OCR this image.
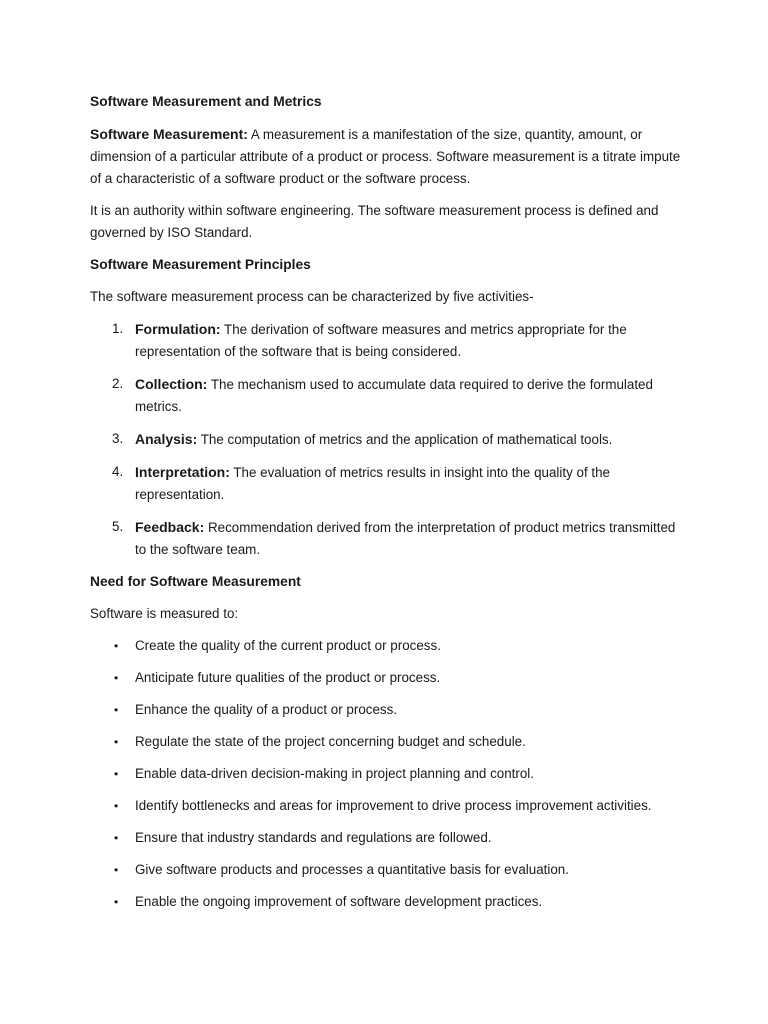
Software Measurement and Metrics

Software Measurement: A measurement is a manifestation of the size, quantity, amount, or dimension of a particular attribute of a product or process. Software measurement is a titrate impute of a characteristic of a software product or the software process.

It is an authority within software engineering. The software measurement process is defined and governed by ISO Standard.

Software Measurement Principles

The software measurement process can be characterized by five activities-

1. Formulation: The derivation of software measures and metrics appropriate for the representation of the software that is being considered.
2. Collection: The mechanism used to accumulate data required to derive the formulated metrics.
3. Analysis: The computation of metrics and the application of mathematical tools.
4. Interpretation: The evaluation of metrics results in insight into the quality of the representation.
5. Feedback: Recommendation derived from the interpretation of product metrics transmitted to the software team.
Need for Software Measurement

Software is measured to:

• Create the quality of the current product or process.
• Anticipate future qualities of the product or process.
• Enhance the quality of a product or process.
• Regulate the state of the project concerning budget and schedule.
• Enable data-driven decision-making in project planning and control.
• Identify bottlenecks and areas for improvement to drive process improvement activities.
• Ensure that industry standards and regulations are followed.
• Give software products and processes a quantitative basis for evaluation.
• Enable the ongoing improvement of software development practices.
